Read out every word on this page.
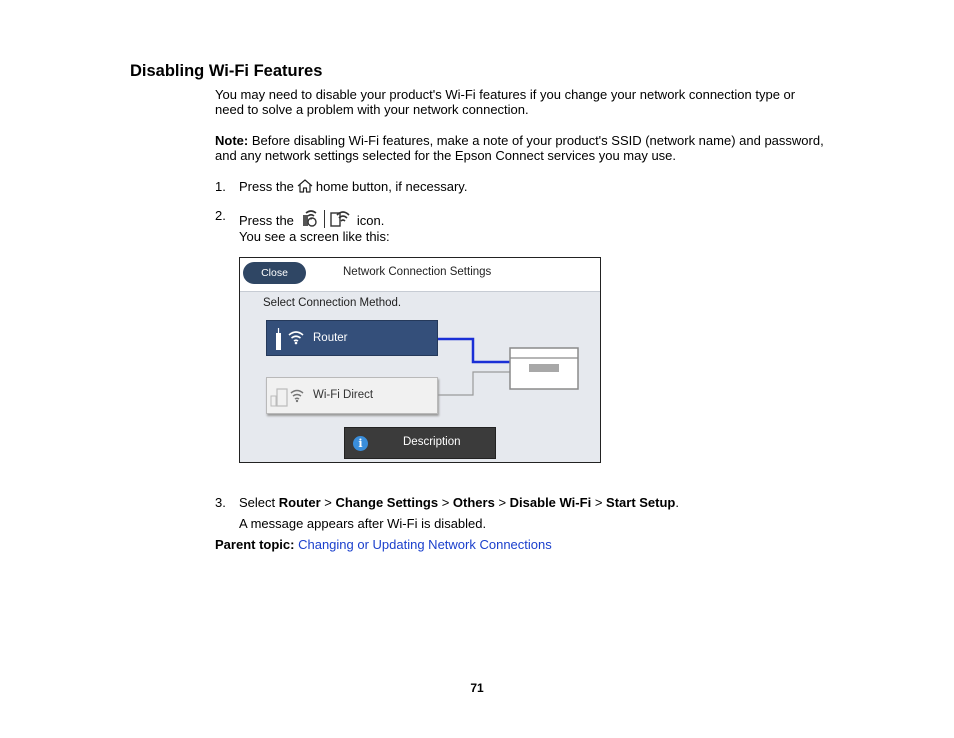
Disabling Wi-Fi Features
You may need to disable your product's Wi-Fi features if you change your network connection type or need to solve a problem with your network connection.
Note: Before disabling Wi-Fi features, make a note of your product's SSID (network name) and password, and any network settings selected for the Epson Connect services you may use.
1. Press the home button, if necessary.
2. Press the	icon.
You see a screen like this:
Close	Network Connection Settings
Select Connection Method.
Router
Wi-Fi Direct
i	Description
3. Select Router > Change Settings > Others > Disable Wi-Fi > Start Setup.
A message appears after Wi-Fi is disabled.
Parent topic: Changing or Updating Network Connections
71
